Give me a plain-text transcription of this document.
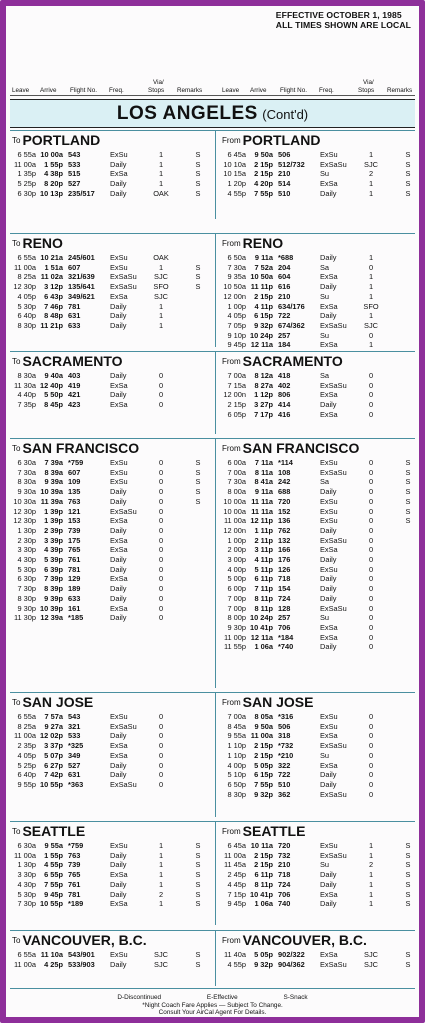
EFFECTIVE OCTOBER 1, 1985
ALL TIMES SHOWN ARE LOCAL
Leave Arrive Flight No. Freq.
Via/
Stops Remarks	Leave Arrive Flight No. Freq.
Via/
Stops Remarks
LOS ANGELES (Cont'd)
$^{To}$ PORTLAND
6 55a 10 00a 543	ExSu	1	S
11 00a	1 55p 533	Daily	1	S
1 35p	4 38p 515	ExSa	1	S
5 25p	8 20p 527	Daily	1	S
6 30p 10 13p 235/517	Daily	OAK	S
$^{From}$ PORTLAND
6 45a	9 50a 506	ExSu	1	S
10 10a	2 15p 512/732	ExSaSu	SJC	S
10 15a	2 15p 210	Su	2	S
1 20p	4 20p 514	ExSa	1	S
4 55p	7 55p 510	Daily	1	S
$^{To}$ RENO
6 55a 10 21a 245/601	ExSu	OAK
11 00a	1 51a 607	ExSu	1	S
8 25a 11 02a 321/639	ExSaSu	SJC	S
12 30p	3 12p 135/641	ExSaSu	SFO	S
4 05p	6 43p 349/621	ExSa	SJC
5 30p	7 46p 781	Daily	1
6 40p	8 48p 631	Daily	1
8 30p 11 21p 633	Daily	1
$^{From}$ RENO
6 50a	9 11a *688	Daily	1
7 30a	7 52a 204	Sa	0
9 35a 10 50a 604	ExSa	1
10 50a 11 11p 616	Daily	1
12 00n	2 15p 210	Su	1
1 00p	4 11p 634/176	ExSa	SFO
4 05p	6 15p 722	Daily	1
7 05p	9 32p 674/362	ExSaSu	SJC
9 10p 10 24p 257	Su	0
9 45p 12 11a 184	ExSa	1
$^{To}$ SACRAMENTO
8 30a	9 40a 403	Daily	0
11 30a 12 40p 419	ExSa	0
4 40p	5 50p 421	Daily	0
7 35p	8 45p 423	ExSa	0
$^{From}$ SACRAMENTO
7 00a	8 12a 418	Sa	0
7 15a	8 27a 402	ExSaSu	0
12 00n	1 12p 806	ExSa	0
2 15p	3 27p 414	Daily	0
6 05p	7 17p 416	ExSa	0
$^{To}$ SAN FRANCISCO
6 30a	7 39a *759	ExSu	0	S
7 30a	8 39a 607	ExSu	0	S
8 30a	9 39a 109	ExSu	0	S
9 30a 10 39a 135	Daily	0	S
10 30a 11 39a 763	Daily	0	S
12 30p	1 39p 121	ExSaSu	0
12 30p	1 39p 153	ExSa	0
1 30p	2 39p 739	Daily	0
2 30p	3 39p 175	ExSa	0
3 30p	4 39p 765	ExSa	0
4 30p	5 39p 761	Daily	0
5 30p	6 39p 781	Daily	0
6 30p	7 39p 129	ExSa	0
7 30p	8 39p 189	Daily	0
8 30p	9 39p 633	Daily	0
9 30p 10 39p 161	ExSa	0
11 30p 12 39a *185	Daily	0
$^{From}$ SAN FRANCISCO
6 00a	7 11a *114	ExSu	0	S
7 00a	8 11a 108	ExSaSu	0	S
7 30a	8 41a 242	Sa	0	S
8 00a	9 11a 688	Daily	0	S
10 00a 11 11a 720	ExSu	0	S
10 00a 11 11a 152	ExSu	0	S
11 00a 12 11p 136	ExSu	0	S
12 00n	1 11p 762	Daily	0
1 00p	2 11p 132	ExSaSu	0
2 00p	3 11p 166	ExSa	0
3 00p	4 11p 176	Daily	0
4 00p	5 11p 126	ExSu	0
5 00p	6 11p 718	Daily	0
6 00p	7 11p 154	Daily	0
7 00p	8 11p 724	Daily	0
7 00p	8 11p 128	ExSaSu	0
8 00p 10 24p 257	Su	0
9 30p 10 41p 706	ExSa	0
11 00p 12 11a *184	ExSa	0
11 55p	1 06a *740	Daily	0
$^{To}$ SAN JOSE
6 55a	7 57a 543	ExSu	0
8 25a	9 27a 321	ExSaSu	0
11 00a 12 02p 533	Daily	0
2 35p	3 37p *325	ExSa	0
4 05p	5 07p 349	ExSa	0
5 25p	6 27p 527	Daily	0
6 40p	7 42p 631	Daily	0
9 55p 10 55p *363	ExSaSu	0
$^{From}$ SAN JOSE
7 00a	8 05a *316	ExSu	0
8 45a	9 50a 506	ExSu	0
9 55a 11 00a 318	ExSa	0
1 10p	2 15p *732	ExSaSu	0
1 10p	2 15p *210	Su	0
4 00p	5 05p 322	ExSa	0
5 10p	6 15p 722	Daily	0
6 50p	7 55p 510	Daily	0
8 30p	9 32p 362	ExSaSu	0
$^{To}$ SEATTLE
6 30a	9 55a *759	ExSu	1	S
11 00a	1 55p 763	Daily	1	S
1 30p	4 55p 739	Daily	1	S
3 30p	6 55p 765	ExSa	1	S
4 30p	7 55p 761	Daily	1	S
5 30p	9 45p 781	Daily	2	S
7 30p 10 55p *189	ExSa	1	S
$^{From}$ SEATTLE
6 45a 10 11a 720	ExSu	1	S
11 00a	2 15p 732	ExSaSu	1	S
11 45a	2 15p 210	Su	2	S
2 45p	6 11p 718	Daily	1	S
4 45p	8 11p 724	Daily	1	S
7 15p 10 41p 706	ExSa	1	S
9 45p	1 06a 740	Daily	1	S
$^{To}$ VANCOUVER, B.C.
6 55a 11 10a 543/901	ExSu	SJC	S
11 00a	4 25p 533/903	Daily	SJC	S
$^{From}$ VANCOUVER, B.C.
11 40a	5 05p 902/322	ExSa	SJC	S
4 55p	9 32p 904/362	ExSaSu	SJC	S
D-Discontinued	E-Effective	S-Snack
*Night Coach Fare Applies — Subject To Change.
Consult Your AirCal Agent For Details.
